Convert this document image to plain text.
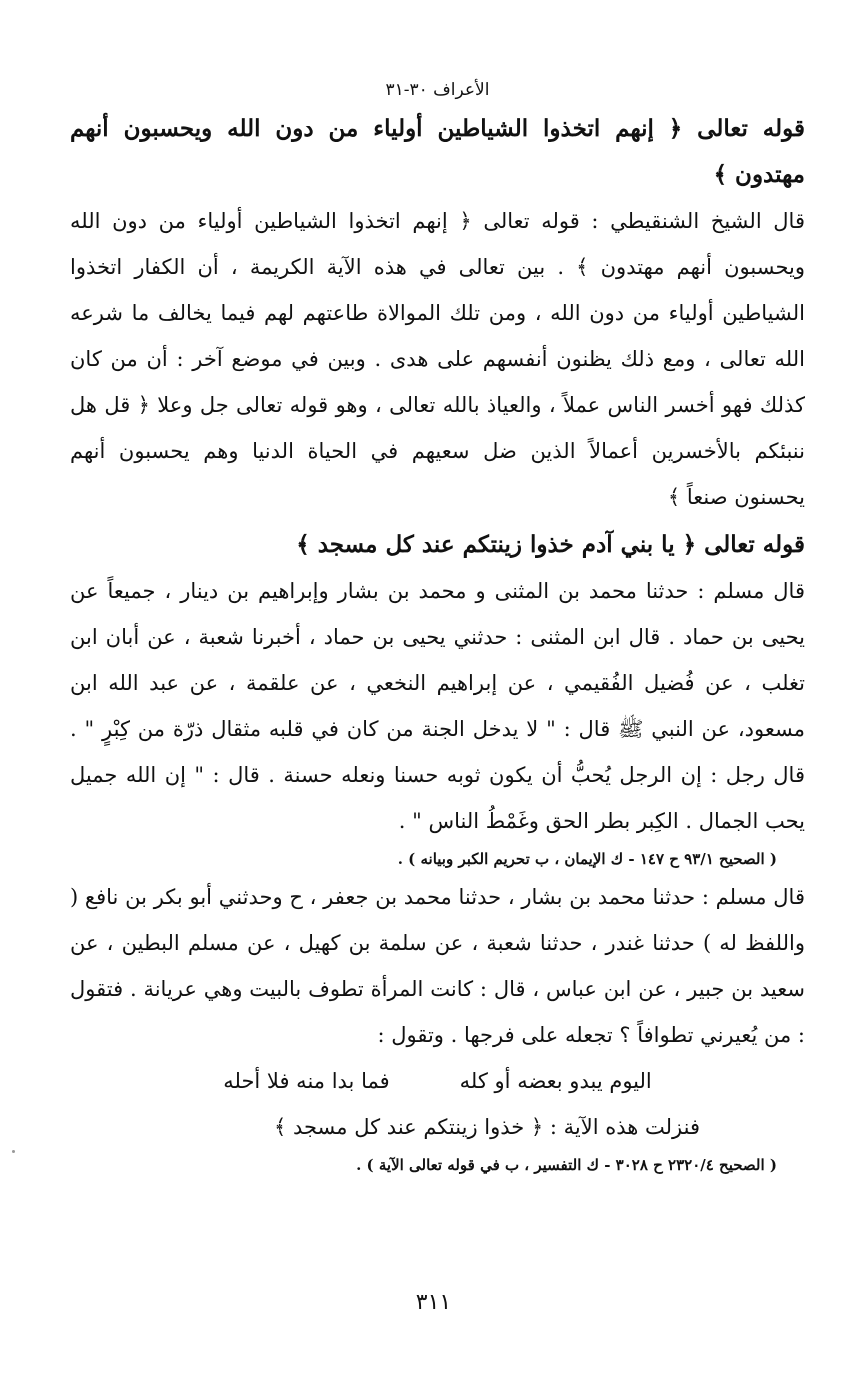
الأعراف ٣٠-٣١
قوله تعالى ﴿ إنهم اتخذوا الشياطين أولياء من دون الله ويحسبون أنهم مهتدون ﴾

قال الشيخ الشنقيطي : قوله تعالى ﴿ إنهم اتخذوا الشياطين أولياء من دون الله ويحسبون أنهم مهتدون ﴾ . بين تعالى في هذه الآية الكريمة ، أن الكفار اتخذوا الشياطين أولياء من دون الله ، ومن تلك الموالاة طاعتهم لهم فيما يخالف ما شرعه الله تعالى ، ومع ذلك يظنون أنفسهم على هدى . وبين في موضع آخر : أن من كان كذلك فهو أخسر الناس عملاً ، والعياذ بالله تعالى ، وهو قوله تعالى جل وعلا ﴿ قل هل ننبئكم بالأخسرين أعمالاً الذين ضل سعيهم في الحياة الدنيا وهم يحسبون أنهم يحسنون صنعاً ﴾

قوله تعالى ﴿ يا بني آدم خذوا زينتكم عند كل مسجد ﴾

قال مسلم : حدثنا محمد بن المثنى و محمد بن بشار وإبراهيم بن دينار ، جميعاً عن يحيى بن حماد . قال ابن المثنى : حدثني يحيى بن حماد ، أخبرنا شعبة ، عن أبان ابن تغلب ، عن فُضيل الفُقيمي ، عن إبراهيم النخعي ، عن علقمة ، عن عبد الله ابن مسعود، عن النبي ﷺ قال : " لا يدخل الجنة من كان في قلبه مثقال ذرّة من كِبْرٍ " . قال رجل : إن الرجل يُحبُّ أن يكون ثوبه حسنا ونعله حسنة . قال : " إن الله جميل يحب الجمال . الكِبر بطر الحق وغَمْطُ الناس " .

( الصحيح ٩٣/١ ح ١٤٧ - ك الإيمان ، ب تحريم الكبر وبيانه ) .

قال مسلم : حدثنا محمد بن بشار ، حدثنا محمد بن جعفر ، ح وحدثني أبو بكر بن نافع ( واللفظ له ) حدثنا غندر ، حدثنا شعبة ، عن سلمة بن كهيل ، عن مسلم البطين ، عن سعيد بن جبير ، عن ابن عباس ، قال : كانت المرأة تطوف بالبيت وهي عريانة . فتقول : من يُعيرني تطوافاً ؟ تجعله على فرجها . وتقول :

اليوم يبدو بعضه أو كله
فما بدا منه فلا أحله
فنزلت هذه الآية : ﴿ خذوا زينتكم عند كل مسجد ﴾
( الصحيح ٢٣٢٠/٤ ح ٣٠٢٨ - ك التفسير ، ب في قوله تعالى الآية ) .
٣١١
